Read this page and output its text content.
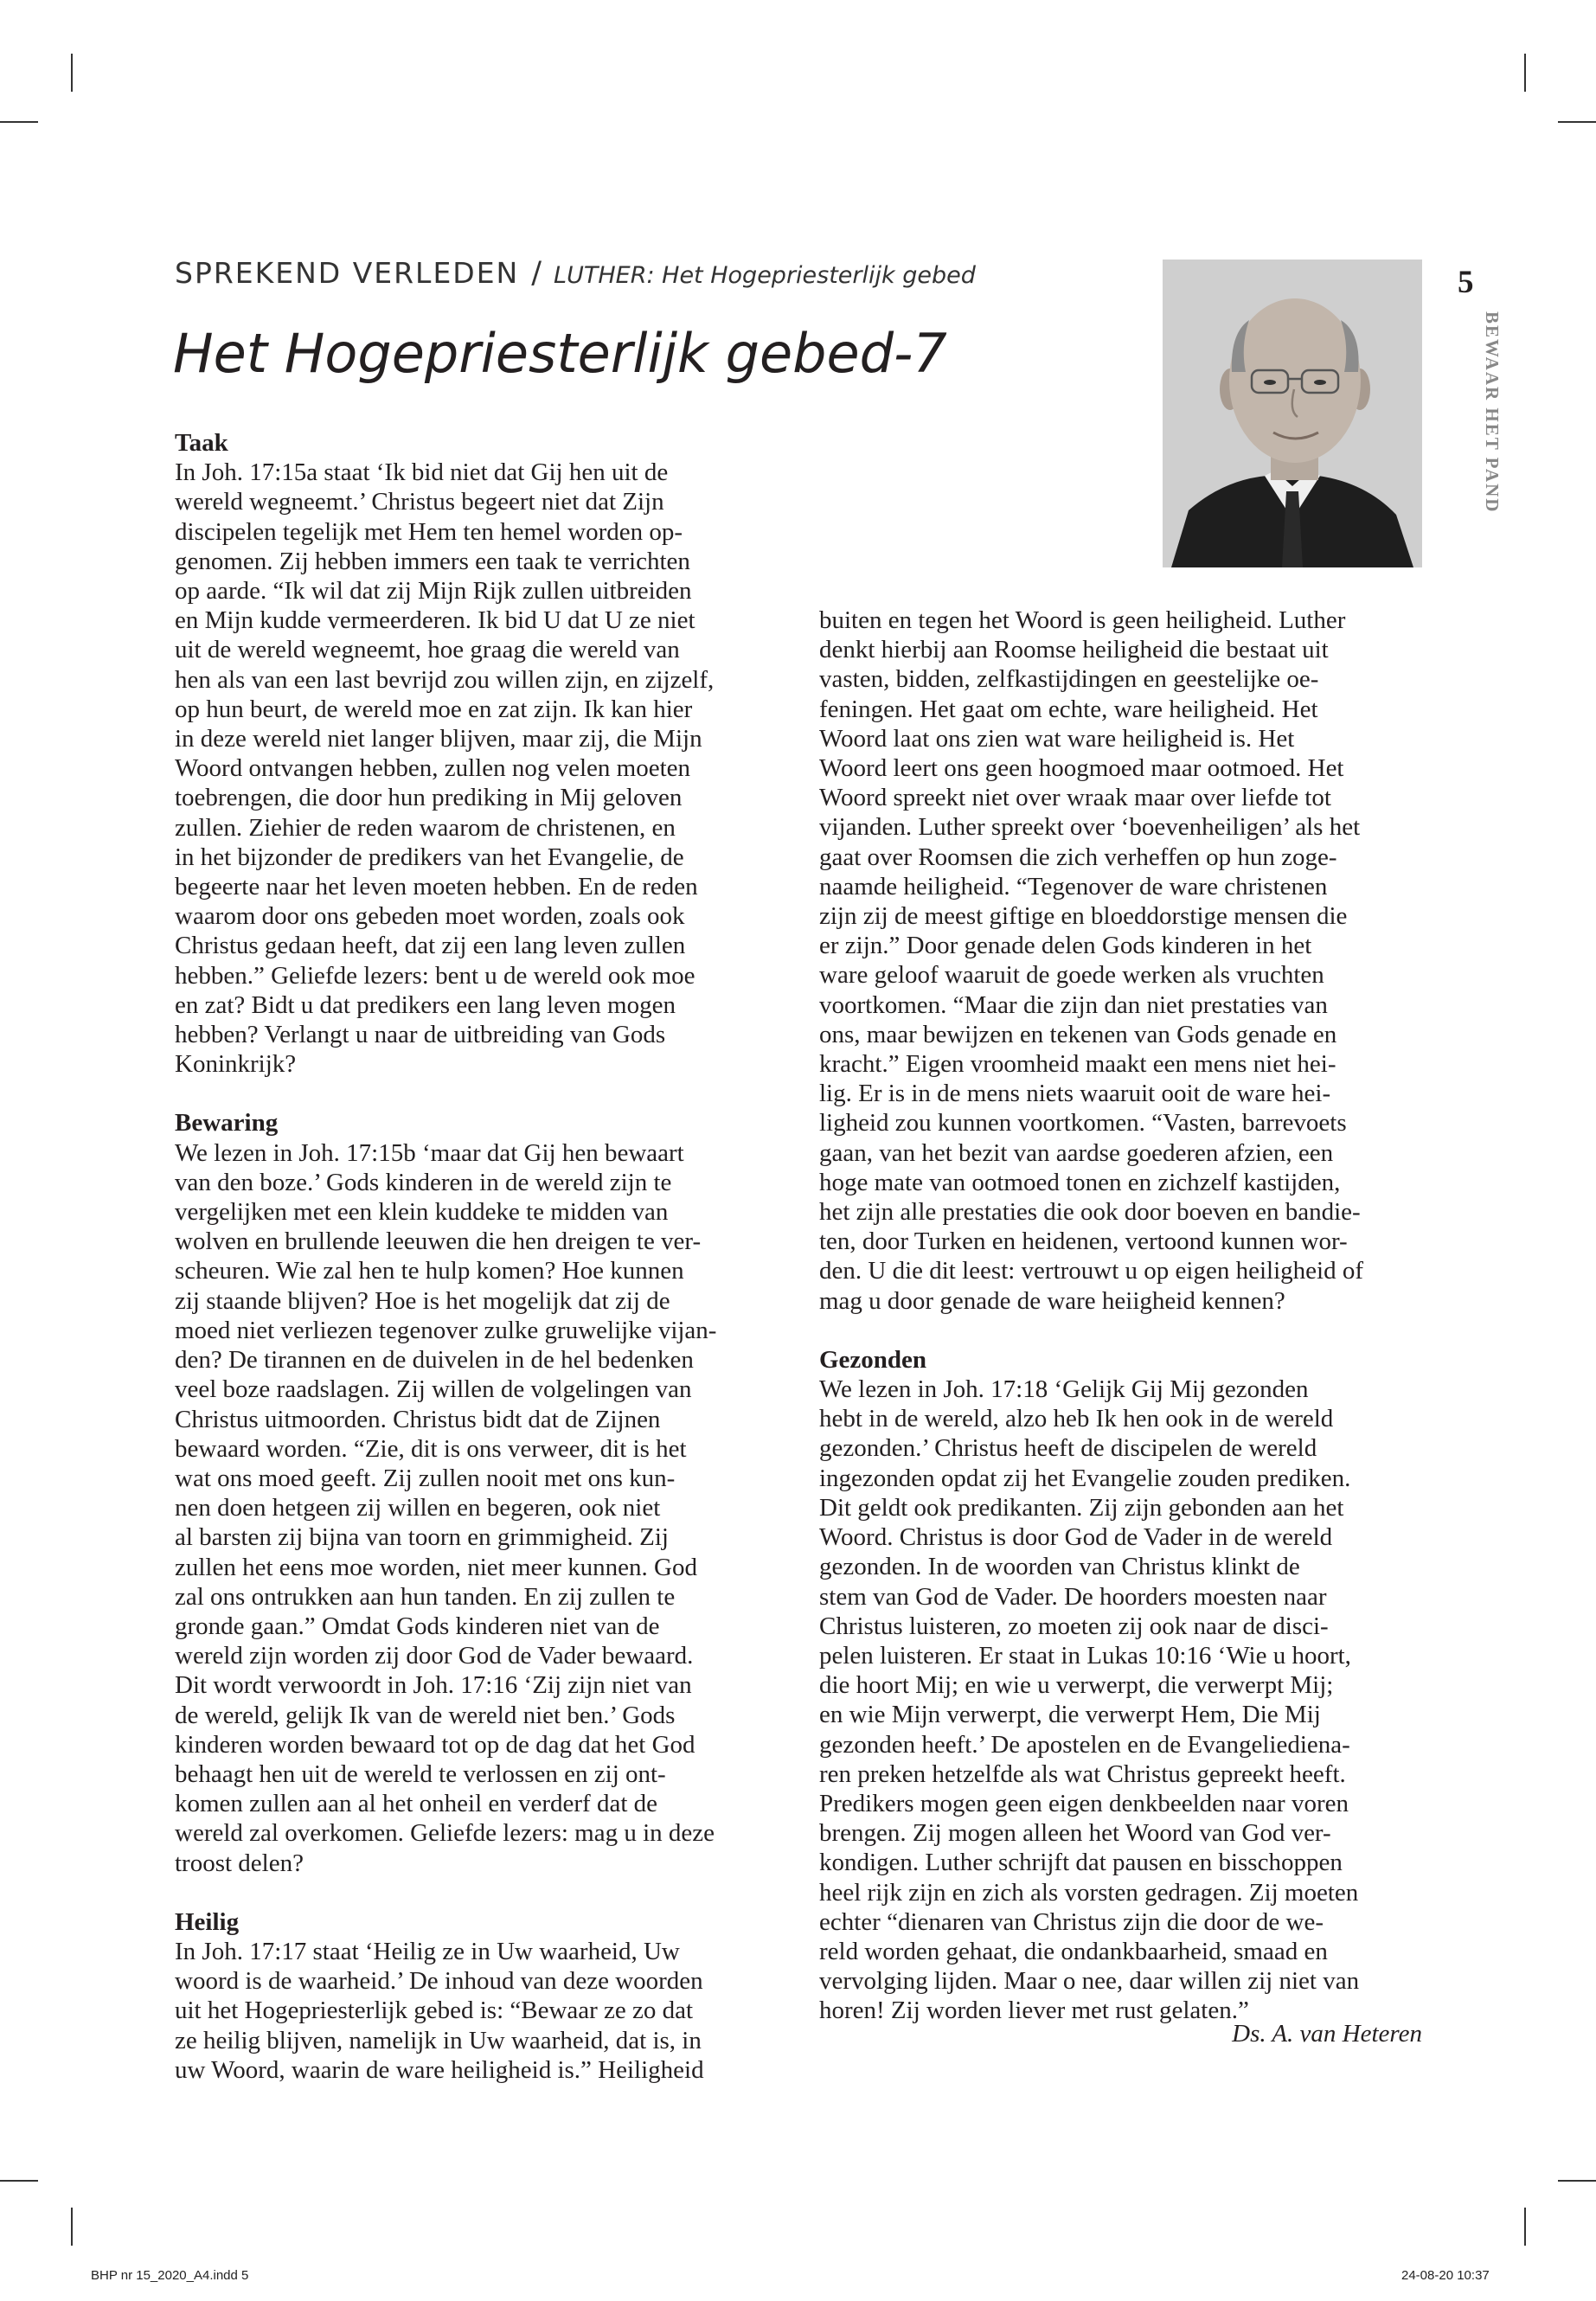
SPREKEND VERLEDEN / LUTHER: Het Hogepriesterlijk gebed
Het Hogepriesterlijk gebed-7
5
BEWAAR HET PAND
Taak

In Joh. 17:15a staat ‘Ik bid niet dat Gij hen uit de

wereld wegneemt.’ Christus begeert niet dat Zijn

discipelen tegelijk met Hem ten hemel worden op-

genomen. Zij hebben immers een taak te verrichten

op aarde. “Ik wil dat zij Mijn Rijk zullen uitbreiden

en Mijn kudde vermeerderen. Ik bid U dat U ze niet

uit de wereld wegneemt, hoe graag die wereld van

hen als van een last bevrijd zou willen zijn, en zijzelf,

op hun beurt, de wereld moe en zat zijn. Ik kan hier

in deze wereld niet langer blijven, maar zij, die Mijn

Woord ontvangen hebben, zullen nog velen moeten

toebrengen, die door hun prediking in Mij geloven

zullen. Ziehier de reden waarom de christenen, en

in het bijzonder de predikers van het Evangelie, de

begeerte naar het leven moeten hebben. En de reden

waarom door ons gebeden moet worden, zoals ook

Christus gedaan heeft, dat zij een lang leven zullen

hebben.” Geliefde lezers: bent u de wereld ook moe

en zat? Bidt u dat predikers een lang leven mogen

hebben? Verlangt u naar de uitbreiding van Gods

Koninkrijk?

Bewaring

We lezen in Joh. 17:15b ‘maar dat Gij hen bewaart

van den boze.’ Gods kinderen in de wereld zijn te

vergelijken met een klein kuddeke te midden van

wolven en brullende leeuwen die hen dreigen te ver-

scheuren. Wie zal hen te hulp komen? Hoe kunnen

zij staande blijven? Hoe is het mogelijk dat zij de

moed niet verliezen tegenover zulke gruwelijke vijan-

den? De tirannen en de duivelen in de hel bedenken

veel boze raadslagen. Zij willen de volgelingen van

Christus uitmoorden. Christus bidt dat de Zijnen

bewaard worden. “Zie, dit is ons verweer, dit is het

wat ons moed geeft. Zij zullen nooit met ons kun-

nen doen hetgeen zij willen en begeren, ook niet

al barsten zij bijna van toorn en grimmigheid. Zij

zullen het eens moe worden, niet meer kunnen. God

zal ons ontrukken aan hun tanden. En zij zullen te

gronde gaan.” Omdat Gods kinderen niet van de

wereld zijn worden zij door God de Vader bewaard.

Dit wordt verwoordt in Joh. 17:16 ‘Zij zijn niet van

de wereld, gelijk Ik van de wereld niet ben.’ Gods

kinderen worden bewaard tot op de dag dat het God

behaagt hen uit de wereld te verlossen en zij ont-

komen zullen aan al het onheil en verderf dat de

wereld zal overkomen. Geliefde lezers: mag u in deze

troost delen?

Heilig

In Joh. 17:17 staat ‘Heilig ze in Uw waarheid, Uw

woord is de waarheid.’ De inhoud van deze woorden

uit het Hogepriesterlijk gebed is: “Bewaar ze zo dat

ze heilig blijven, namelijk in Uw waarheid, dat is, in

uw Woord, waarin de ware heiligheid is.” Heiligheid

buiten en tegen het Woord is geen heiligheid. Luther

denkt hierbij aan Roomse heiligheid die bestaat uit

vasten, bidden, zelfkastijdingen en geestelijke oe-

feningen. Het gaat om echte, ware heiligheid. Het

Woord laat ons zien wat ware heiligheid is. Het

Woord leert ons geen hoogmoed maar ootmoed. Het

Woord spreekt niet over wraak maar over liefde tot

vijanden. Luther spreekt over ‘boevenheiligen’ als het

gaat over Roomsen die zich verheffen op hun zoge-

naamde heiligheid. “Tegenover de ware christenen

zijn zij de meest giftige en bloeddorstige mensen die

er zijn.” Door genade delen Gods kinderen in het

ware geloof waaruit de goede werken als vruchten

voortkomen. “Maar die zijn dan niet prestaties van

ons, maar bewijzen en tekenen van Gods genade en

kracht.” Eigen vroomheid maakt een mens niet hei-

lig. Er is in de mens niets waaruit ooit de ware hei-

ligheid zou kunnen voortkomen. “Vasten, barrevoets

gaan, van het bezit van aardse goederen afzien, een

hoge mate van ootmoed tonen en zichzelf kastijden,

het zijn alle prestaties die ook door boeven en bandie-

ten, door Turken en heidenen, vertoond kunnen wor-

den. U die dit leest: vertrouwt u op eigen heiligheid of

mag u door genade de ware heiigheid kennen?

Gezonden

We lezen in Joh. 17:18 ‘Gelijk Gij Mij gezonden

hebt in de wereld, alzo heb Ik hen ook in de wereld

gezonden.’ Christus heeft de discipelen de wereld

ingezonden opdat zij het Evangelie zouden prediken.

Dit geldt ook predikanten. Zij zijn gebonden aan het

Woord. Christus is door God de Vader in de wereld

gezonden. In de woorden van Christus klinkt de

stem van God de Vader. De hoorders moesten naar

Christus luisteren, zo moeten zij ook naar de disci-

pelen luisteren. Er staat in Lukas 10:16 ‘Wie u hoort,

die hoort Mij; en wie u verwerpt, die verwerpt Mij;

en wie Mijn verwerpt, die verwerpt Hem, Die Mij

gezonden heeft.’ De apostelen en de Evangeliediena-

ren preken hetzelfde als wat Christus gepreekt heeft.

Predikers mogen geen eigen denkbeelden naar voren

brengen. Zij mogen alleen het Woord van God ver-

kondigen. Luther schrijft dat pausen en bisschoppen

heel rijk zijn en zich als vorsten gedragen. Zij moeten

echter “dienaren van Christus zijn die door de we-

reld worden gehaat, die ondankbaarheid, smaad en

vervolging lijden. Maar o nee, daar willen zij niet van

horen! Zij worden liever met rust gelaten.”

Ds. A. van Heteren
BHP nr 15_2020_A4.indd 5	24-08-20 10:37
